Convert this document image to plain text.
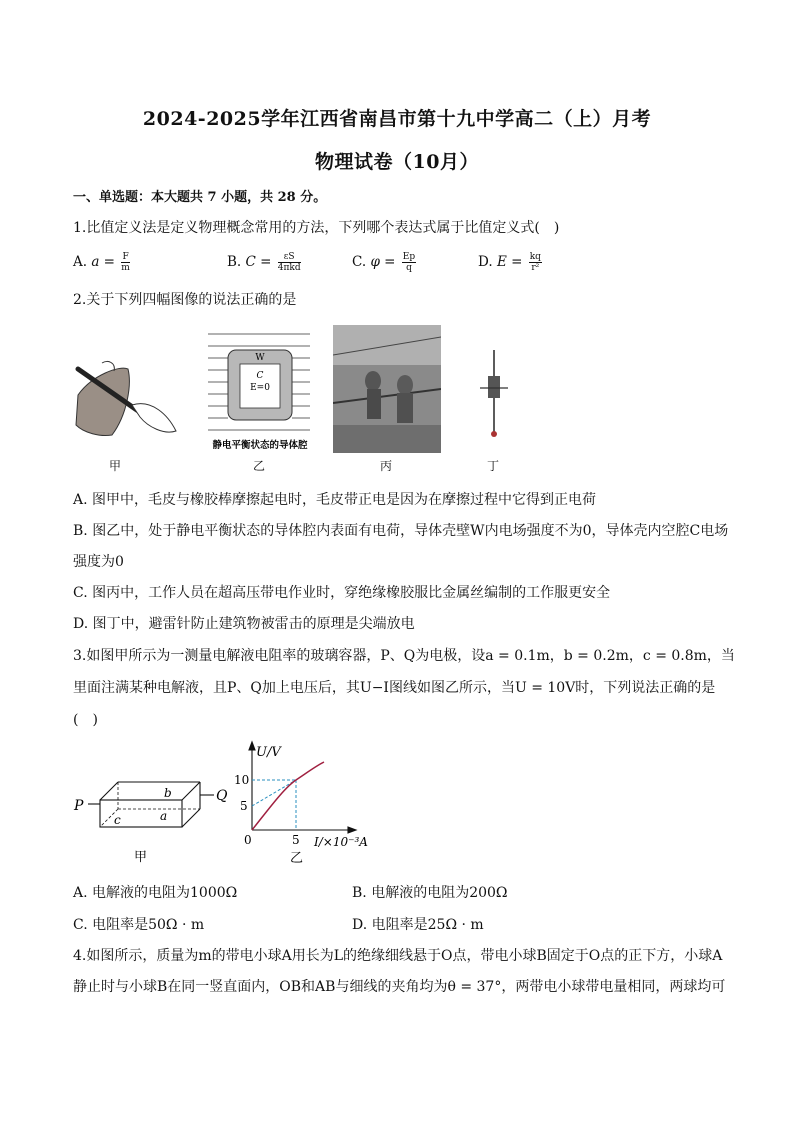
2024-2025学年江西省南昌市第十九中学高二（上）月考
物理试卷（10月）
一、单选题：本大题共 7 小题，共 28 分。
1.比值定义法是定义物理概念常用的方法，下列哪个表达式属于比值定义式(　)
A. $a = \frac{F}{m}$	B. $C = \frac{\varepsilon S}{\text{4πkd}}$	C. $\varphi = \frac{Ep}{q}$	D. $E = \frac{kq}{\text{r²}}$
2.关于下列四幅图像的说法正确的是
甲
W
C
E=0
静电平衡状态的导体腔
乙	丙	丁
A. 图甲中，毛皮与橡胶棒摩擦起电时，毛皮带正电是因为在摩擦过程中它得到正电荷
B. 图乙中，处于静电平衡状态的导体腔内表面有电荷，导体壳壁W内电场强度不为0，导体壳内空腔C电场
强度为0
C. 图丙中，工作人员在超高压带电作业时，穿绝缘橡胶服比金属丝编制的工作服更安全
D. 图丁中，避雷针防止建筑物被雷击的原理是尖端放电
3.如图甲所示为一测量电解液电阻率的玻璃容器，P、Q为电极，设a = 0.1m，b = 0.2m，c = 0.8m，当
里面注满某种电解液，且P、Q加上电压后，其U−I图线如图乙所示，当U = 10V时，下列说法正确的是
(　)
P
Q
b
a
c
甲
U/V
I/×10⁻³A
10
5
0	5
乙
A. 电解液的电阻为1000Ω	B. 电解液的电阻为200Ω
C. 电阻率是50Ω · m	D. 电阻率是25Ω · m
4.如图所示，质量为m的带电小球A用长为L的绝缘细线悬于O点，带电小球B固定于O点的正下方，小球A
静止时与小球B在同一竖直面内，OB和AB与细线的夹角均为θ = 37°，两带电小球带电量相同，两球均可
